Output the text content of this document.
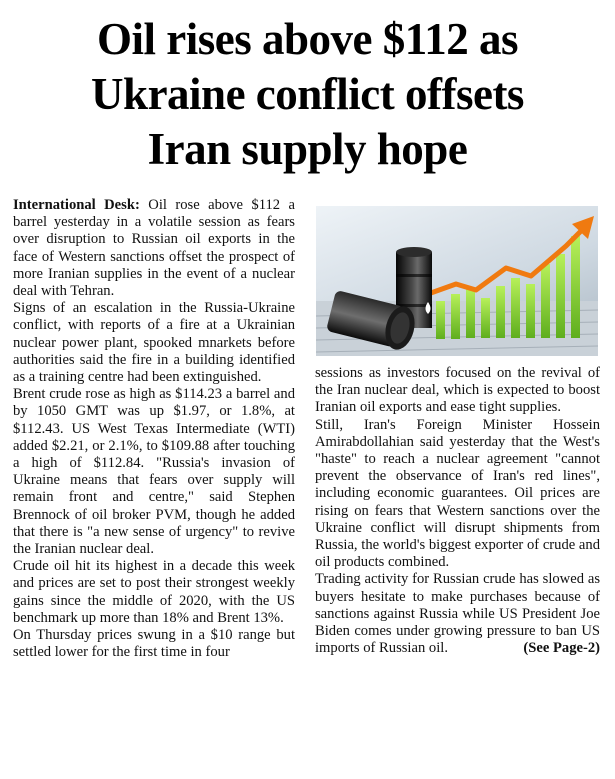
Oil rises above $112 as
Ukraine conflict offsets
Iran supply hope

International Desk: Oil rose above $112 a barrel yesterday in a volatile session as fears over disruption to Russian oil exports in the face of Western sanctions offset the prospect of more Iranian supplies in the event of a nuclear deal with Tehran.

Signs of an escalation in the Russia-Ukraine conflict, with reports of a fire at a Ukrainian nuclear power plant, spooked mnarkets before authorities said the fire in a building identified as a training centre had been extinguished.

Brent crude rose as high as $114.23 a barrel and by 1050 GMT was up $1.97, or 1.8%, at $112.43. US West Texas Intermediate (WTI) added $2.21, or 2.1%, to $109.88 after touching a high of $112.84. "Russia's invasion of Ukraine means that fears over supply will remain front and centre," said Stephen Brennock of oil broker PVM, though he added that there is "a new sense of urgency" to revive the Iranian nuclear deal.

Crude oil hit its highest in a decade this week and prices are set to post their strongest weekly gains since the middle of 2020, with the US benchmark up more than 18% and Brent 13%.

On Thursday prices swung in a $10 range but settled lower for the first time in four

sessions as investors focused on the revival of the Iran nuclear deal, which is expected to boost Iranian oil exports and ease tight supplies.

Still, Iran's Foreign Minister Hossein Amirabdollahian said yesterday that the West's "haste" to reach a nuclear agreement "cannot prevent the observance of Iran's red lines", including economic guarantees. Oil prices are rising on fears that Western sanctions over the Ukraine conflict will disrupt shipments from Russia, the world's biggest exporter of crude and oil products combined.

Trading activity for Russian crude has slowed as buyers hesitate to make purchases because of sanctions against Russia while US President Joe Biden comes under growing pressure to ban US imports of Russian oil.	(See Page-2)
